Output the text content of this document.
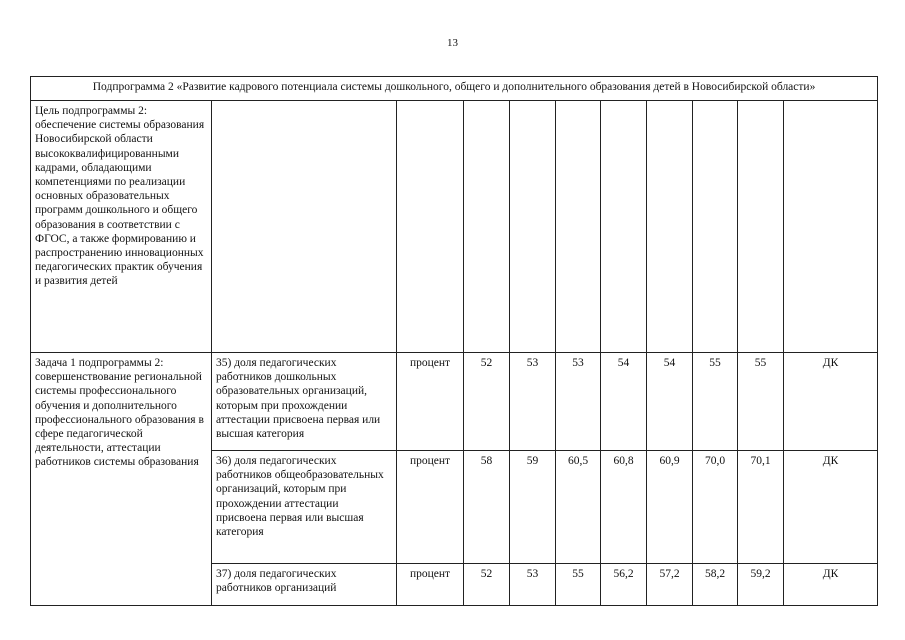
13
Подпрограмма 2 «Развитие кадрового потенциала системы дошкольного, общего и дополнительного образования детей в Новосибирской области»										
Цель подпрограммы 2: обеспечение системы образования Новосибирской области высококвалифицированными кадрами, обладающими компетенциями по реализации основных образовательных программ дошкольного и общего образования в соответствии с ФГОС, а также формированию и распространению инновационных педагогических практик обучения и развития детей										
Задача 1 подпрограммы 2: совершенствование региональной системы профессионального обучения и дополнительного профессионального образования в сфере педагогической деятельности, аттестации работников системы образования	35) доля педагогических работников дошкольных образовательных организаций, которым при прохождении аттестации присвоена первая или высшая категория	процент	52	53	53	54	54	55	55	ДК
	36) доля педагогических работников общеобразовательных организаций, которым при прохождении аттестации присвоена первая или высшая категория	процент	58	59	60,5	60,8	60,9	70,0	70,1	ДК
	37) доля педагогических работников организаций	процент	52	53	55	56,2	57,2	58,2	59,2	ДК
